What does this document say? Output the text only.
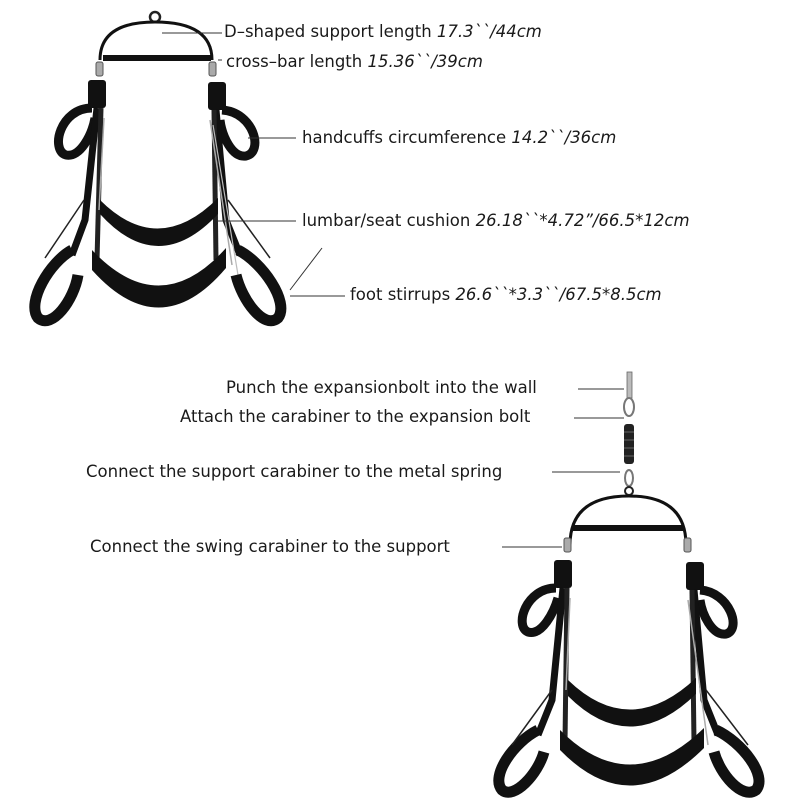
D–shaped support length 17.3``/44cm
cross–bar length 15.36``/39cm
handcuffs circumference 14.2``/36cm
lumbar/seat cushion 26.18``*4.72”/66.5*12cm
foot stirrups 26.6``*3.3``/67.5*8.5cm
Punch the expansionbolt into the wall
Attach the carabiner to the expansion bolt
Connect the support carabiner to the metal spring
Connect the swing carabiner to the support
